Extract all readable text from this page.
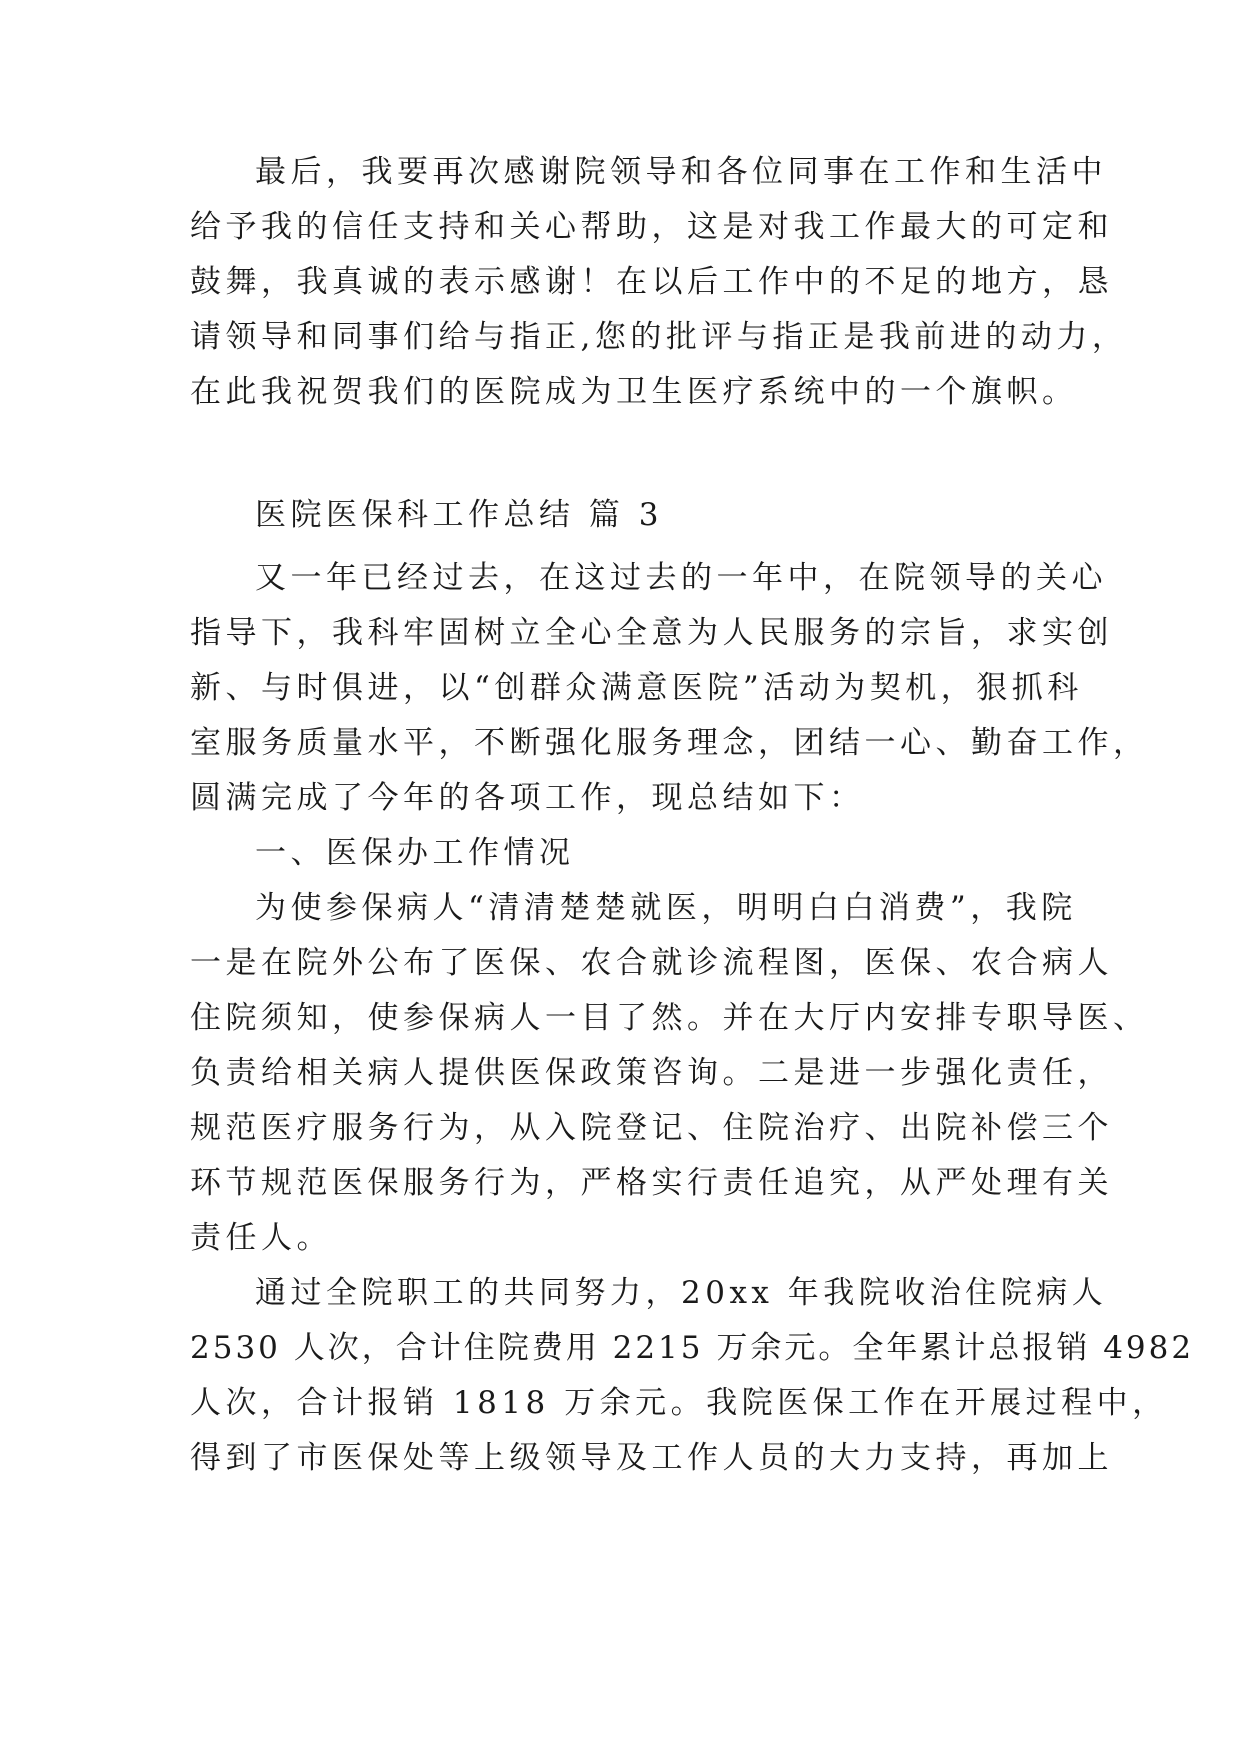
最后，我要再次感谢院领导和各位同事在工作和生活中
给予我的信任支持和关心帮助，这是对我工作最大的可定和
鼓舞，我真诚的表示感谢！在以后工作中的不足的地方，恳
请领导和同事们给与指正,您的批评与指正是我前进的动力，
在此我祝贺我们的医院成为卫生医疗系统中的一个旗帜。
医院医保科工作总结 篇 3
又一年已经过去，在这过去的一年中，在院领导的关心
指导下，我科牢固树立全心全意为人民服务的宗旨，求实创
新、与时俱进，以“创群众满意医院”活动为契机，狠抓科
室服务质量水平，不断强化服务理念，团结一心、勤奋工作，
圆满完成了今年的各项工作，现总结如下：
一、医保办工作情况
为使参保病人“清清楚楚就医，明明白白消费”，我院
一是在院外公布了医保、农合就诊流程图，医保、农合病人
住院须知，使参保病人一目了然。并在大厅内安排专职导医、
负责给相关病人提供医保政策咨询。二是进一步强化责任，
规范医疗服务行为，从入院登记、住院治疗、出院补偿三个
环节规范医保服务行为，严格实行责任追究，从严处理有关
责任人。
通过全院职工的共同努力，20xx 年我院收治住院病人
2530 人次，合计住院费用 2215 万余元。全年累计总报销 4982
人次，合计报销 1818 万余元。我院医保工作在开展过程中，
得到了市医保处等上级领导及工作人员的大力支持，再加上
